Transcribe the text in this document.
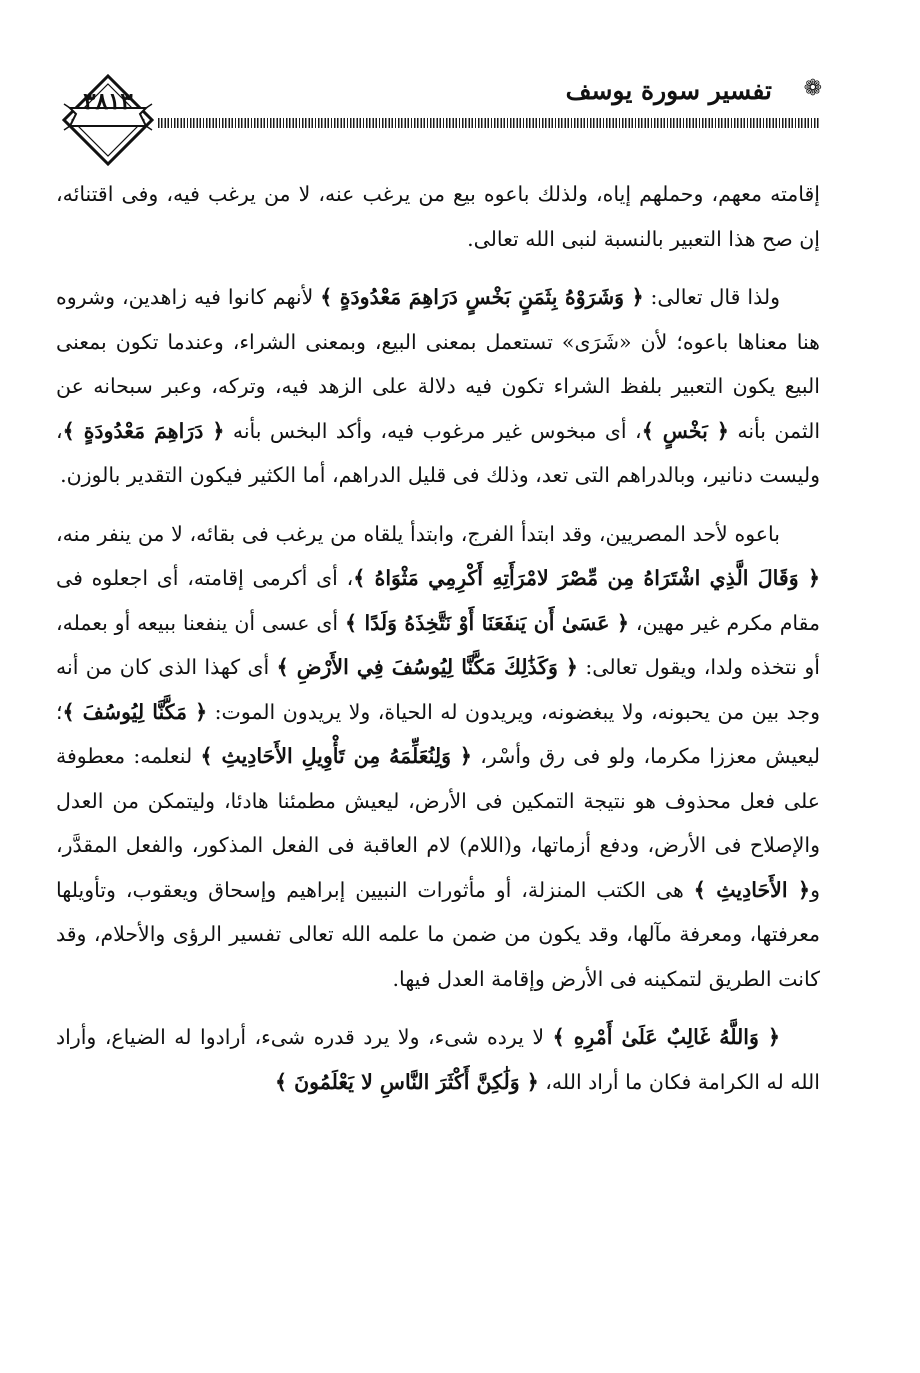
٣٨١٣	❁
تفسير سورة يوسف

إقامته معهم، وحملهم إياه، ولذلك باعوه بيع من يرغب عنه، لا من يرغب فيه، وفى اقتنائه، إن صح هذا التعبير بالنسبة لنبى الله تعالى.

ولذا قال تعالى: ﴿ وَشَرَوْهُ بِثَمَنٍ بَخْسٍ دَرَاهِمَ مَعْدُودَةٍ ﴾ لأنهم كانوا فيه زاهدين، وشروه هنا معناها باعوه؛ لأن «شَرَى» تستعمل بمعنى البيع، وبمعنى الشراء، وعندما تكون بمعنى البيع يكون التعبير بلفظ الشراء تكون فيه دلالة على الزهد فيه، وتركه، وعبر سبحانه عن الثمن بأنه ﴿ بَخْسٍ ﴾، أى مبخوس غير مرغوب فيه، وأكد البخس بأنه ﴿ دَرَاهِمَ مَعْدُودَةٍ ﴾، وليست دنانير، وبالدراهم التى تعد، وذلك فى قليل الدراهم، أما الكثير فيكون التقدير بالوزن.

باعوه لأحد المصريين، وقد ابتدأ الفرج، وابتدأ يلقاه من يرغب فى بقائه، لا من ينفر منه، ﴿ وَقَالَ الَّذِي اشْتَرَاهُ مِن مِّصْرَ لامْرَأَتِهِ أَكْرِمِي مَثْوَاهُ ﴾، أى أكرمى إقامته، أى اجعلوه فى مقام مكرم غير مهين، ﴿ عَسَىٰ أَن يَنفَعَنَا أَوْ نَتَّخِذَهُ وَلَدًا ﴾ أى عسى أن ينفعنا ببيعه أو بعمله، أو نتخذه ولدا، ويقول تعالى: ﴿ وَكَذَٰلِكَ مَكَّنَّا لِيُوسُفَ فِي الأَرْضِ ﴾ أى كهذا الذى كان من أنه وجد بين من يحبونه، ولا يبغضونه، ويريدون له الحياة، ولا يريدون الموت: ﴿ مَكَّنَّا لِيُوسُفَ ﴾؛ ليعيش معززا مكرما، ولو فى رق وأسْر، ﴿ وَلِنُعَلِّمَهُ مِن تَأْوِيلِ الأَحَادِيثِ ﴾ لنعلمه: معطوفة على فعل محذوف هو نتيجة التمكين فى الأرض، ليعيش مطمئنا هادئا، وليتمكن من العدل والإصلاح فى الأرض، ودفع أزماتها، و(اللام) لام العاقبة فى الفعل المذكور، والفعل المقدَّر، و﴿ الأَحَادِيثِ ﴾ هى الكتب المنزلة، أو مأثورات النبيين إبراهيم وإسحاق ويعقوب، وتأويلها معرفتها، ومعرفة مآلها، وقد يكون من ضمن ما علمه الله تعالى تفسير الرؤى والأحلام، وقد كانت الطريق لتمكينه فى الأرض وإقامة العدل فيها.

﴿ وَاللَّهُ غَالِبٌ عَلَىٰ أَمْرِهِ ﴾ لا يرده شىء، ولا يرد قدره شىء، أرادوا له الضياع، وأراد الله له الكرامة فكان ما أراد الله، ﴿ وَلَٰكِنَّ أَكْثَرَ النَّاسِ لا يَعْلَمُونَ ﴾
